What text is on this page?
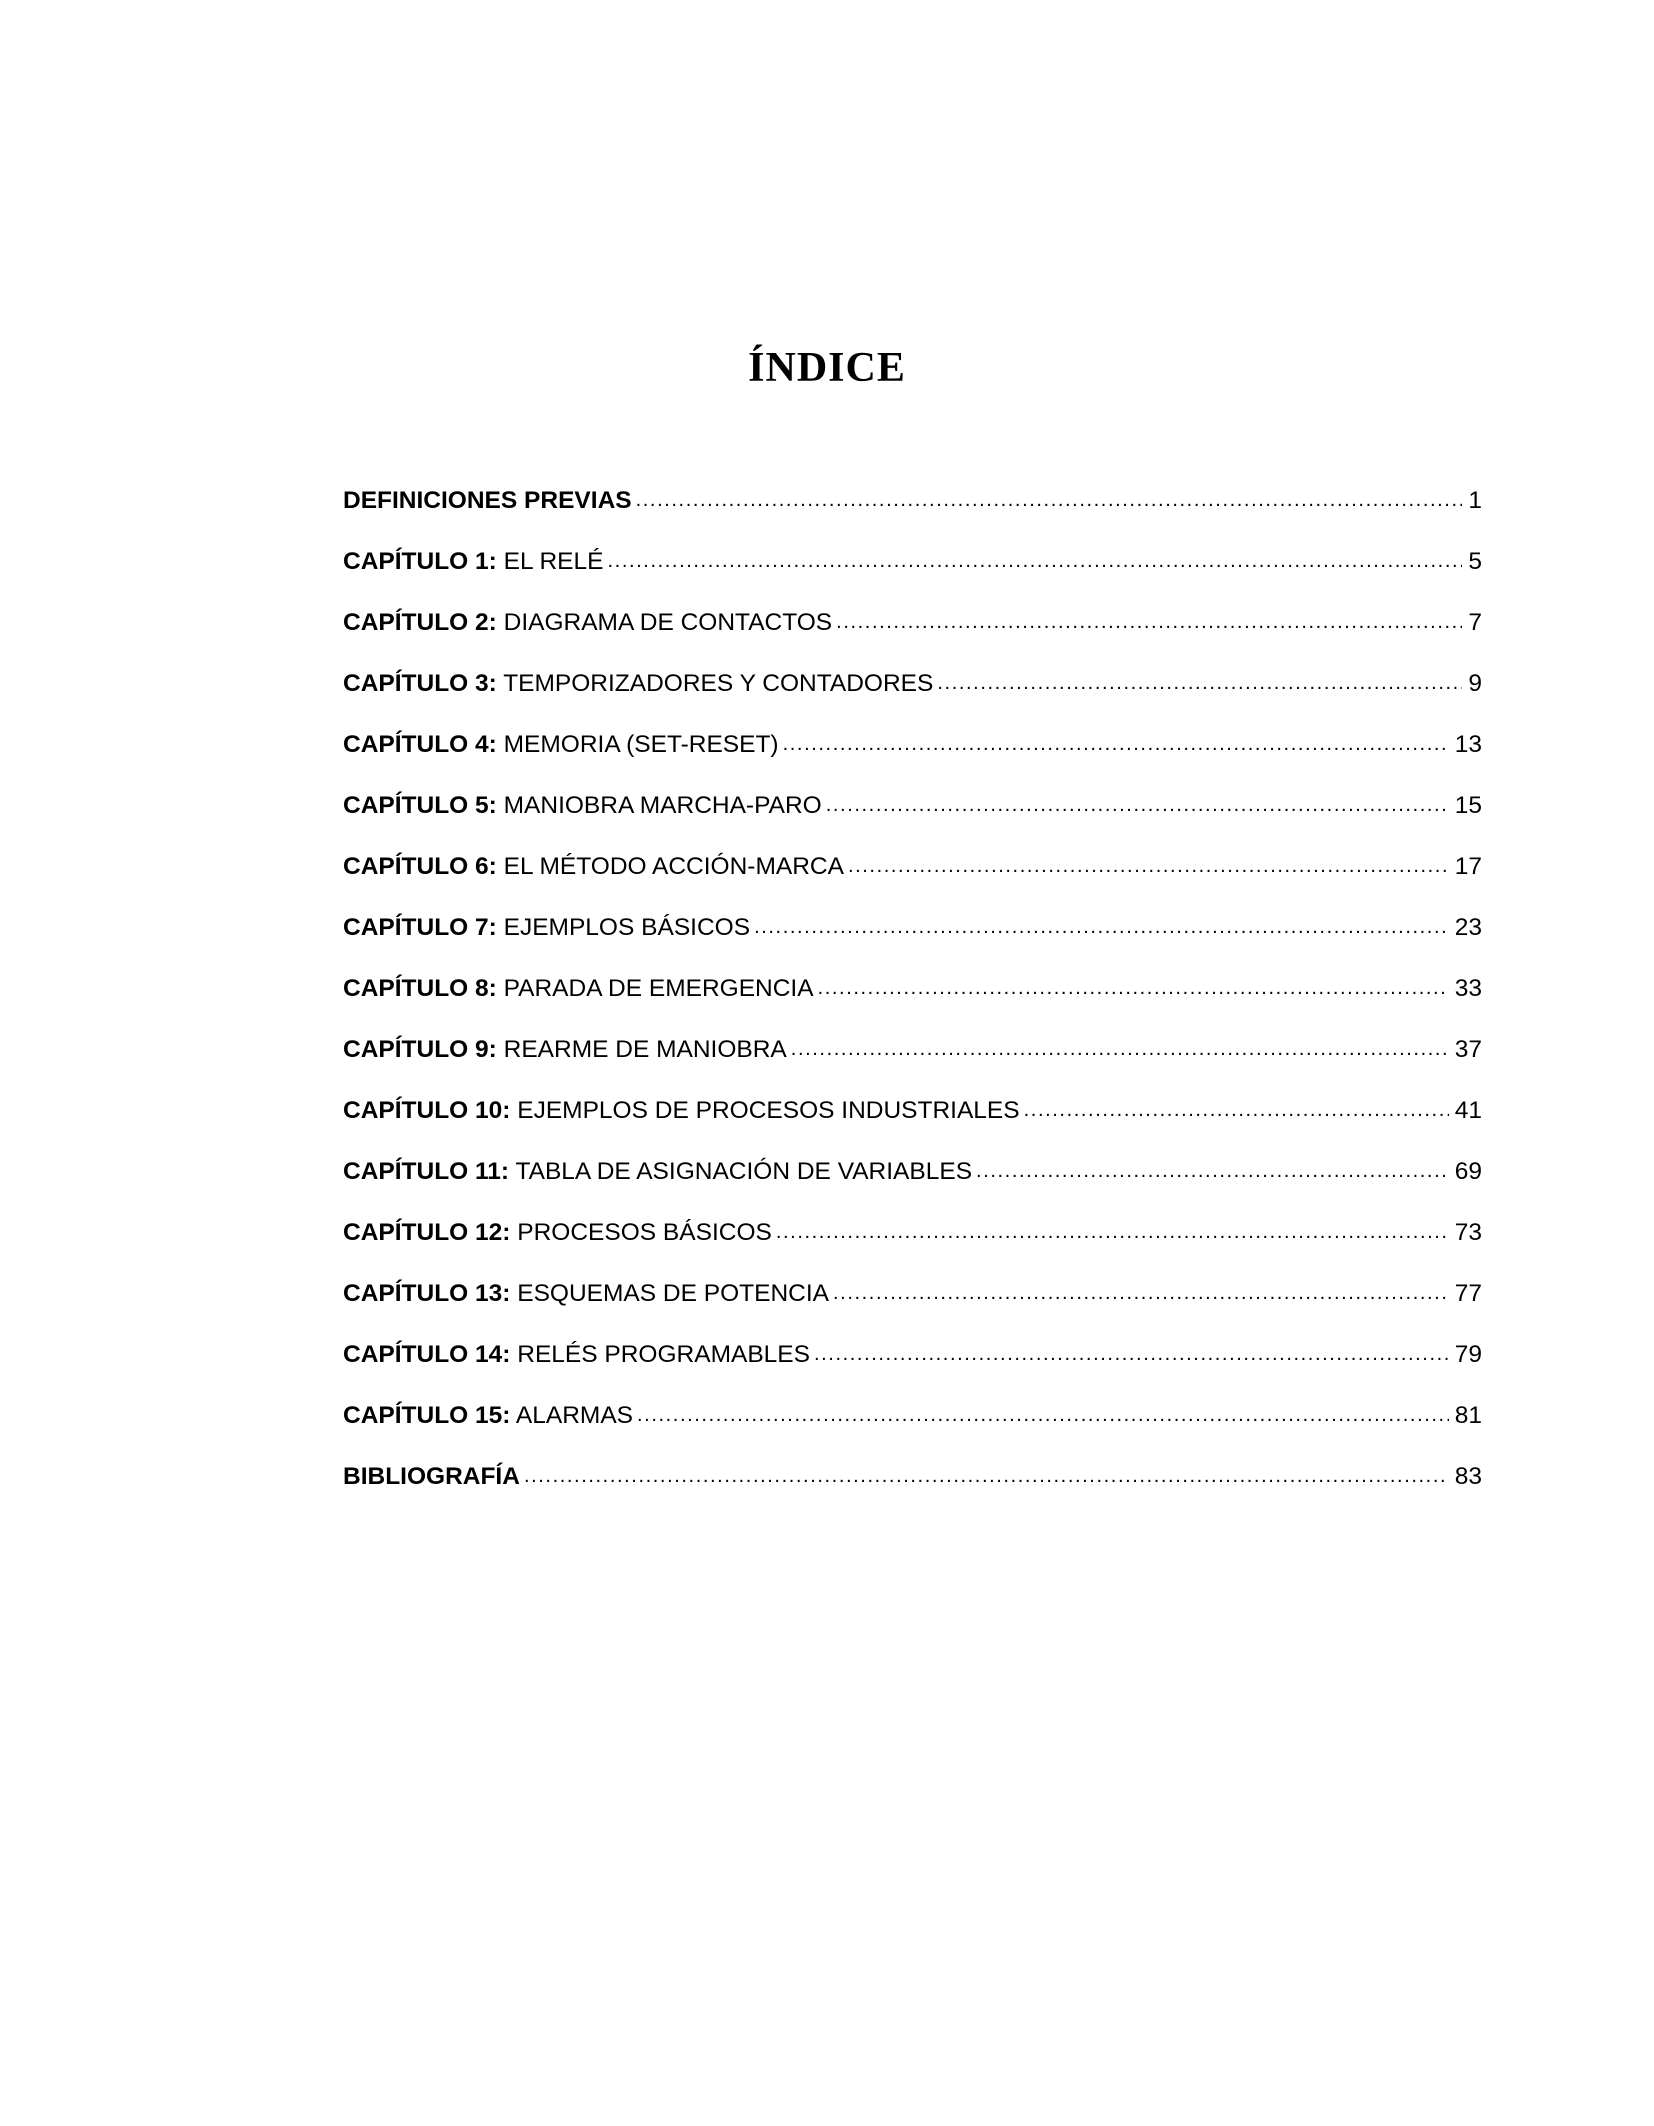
ÍNDICE
DEFINICIONES PREVIAS .....	1
CAPÍTULO 1: EL RELÉ .....	5
CAPÍTULO 2: DIAGRAMA DE CONTACTOS .....	7
CAPÍTULO 3: TEMPORIZADORES Y CONTADORES .....	9
CAPÍTULO 4: MEMORIA (SET-RESET) .....	13
CAPÍTULO 5: MANIOBRA MARCHA-PARO .....	15
CAPÍTULO 6: EL MÉTODO ACCIÓN-MARCA .....	17
CAPÍTULO 7: EJEMPLOS BÁSICOS .....	23
CAPÍTULO 8: PARADA DE EMERGENCIA .....	33
CAPÍTULO 9: REARME DE MANIOBRA .....	37
CAPÍTULO 10: EJEMPLOS DE PROCESOS INDUSTRIALES .....	41
CAPÍTULO 11: TABLA DE ASIGNACIÓN DE VARIABLES .....	69
CAPÍTULO 12: PROCESOS BÁSICOS .....	73
CAPÍTULO 13: ESQUEMAS DE POTENCIA .....	77
CAPÍTULO 14: RELÉS PROGRAMABLES .....	79
CAPÍTULO 15: ALARMAS .....	81
BIBLIOGRAFÍA .....	83
